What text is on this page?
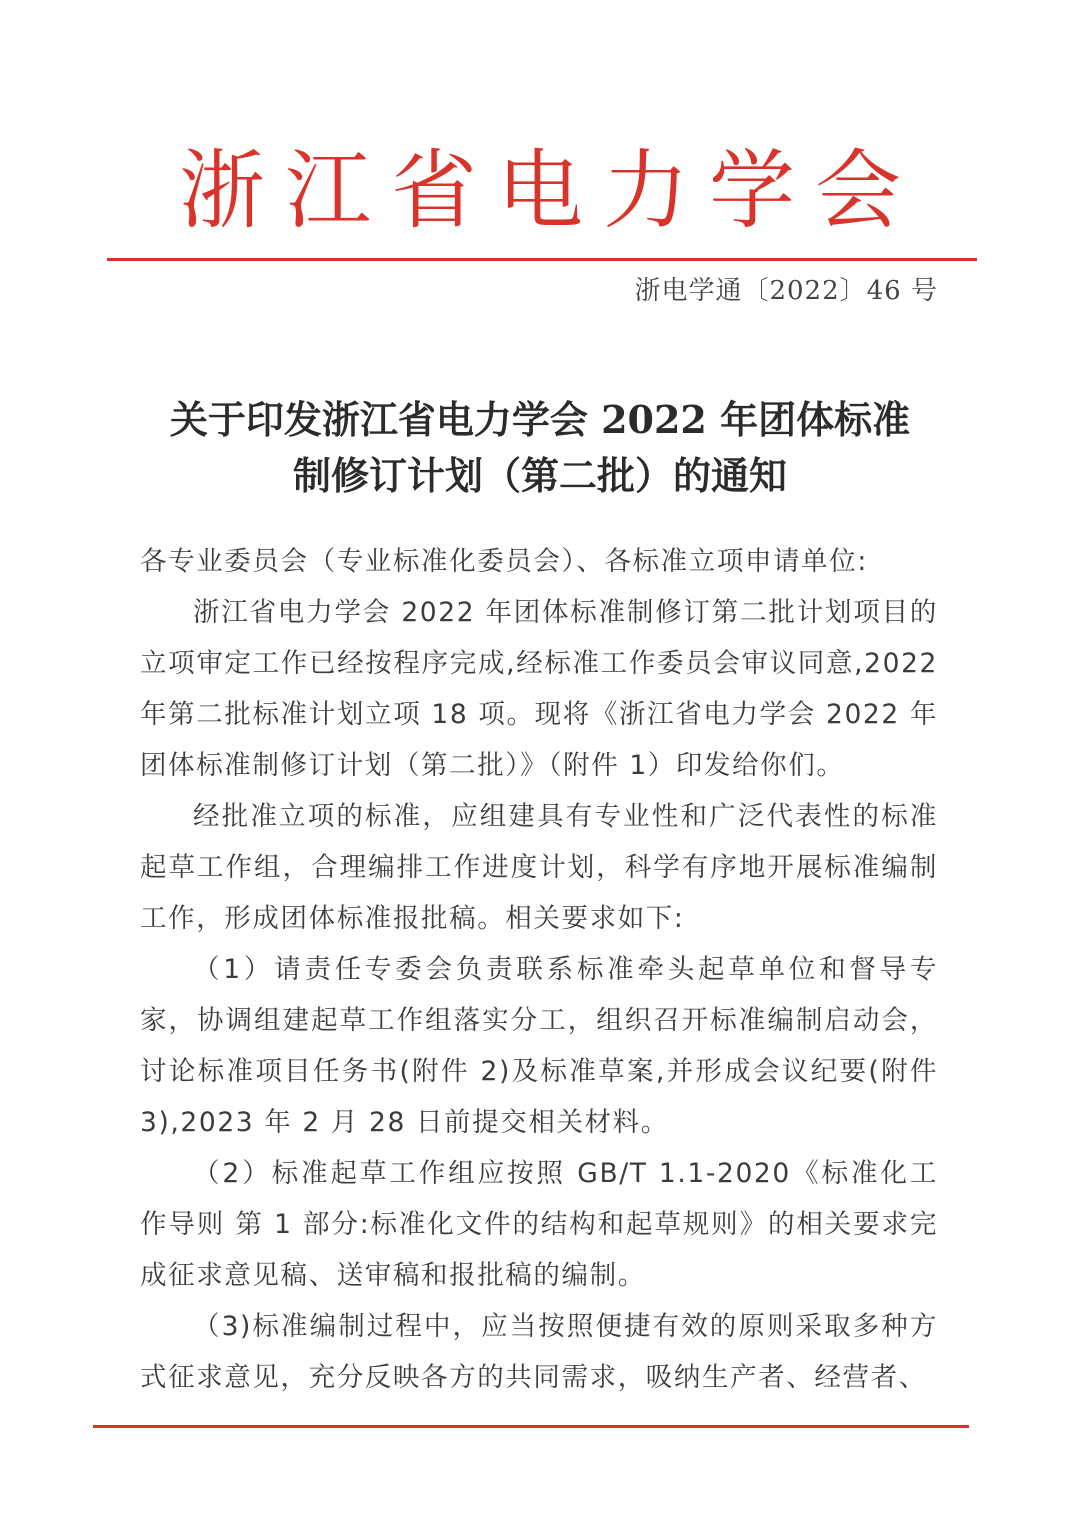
浙江省电力学会
浙电学通〔2022〕46 号
关于印发浙江省电力学会 2022 年团体标准
制修订计划（第二批）的通知

各专业委员会（专业标准化委员会）、各标准立项申请单位:

浙江省电力学会 2022 年团体标准制修订第二批计划项目的立项审定工作已经按程序完成,经标准工作委员会审议同意,2022 年第二批标准计划立项 18 项。现将《浙江省电力学会 2022 年团体标准制修订计划（第二批）》（附件 1）印发给你们。

经批准立项的标准，应组建具有专业性和广泛代表性的标准起草工作组，合理编排工作进度计划，科学有序地开展标准编制工作，形成团体标准报批稿。相关要求如下:

（1）请责任专委会负责联系标准牵头起草单位和督导专家，协调组建起草工作组落实分工，组织召开标准编制启动会，讨论标准项目任务书(附件 2)及标准草案,并形成会议纪要(附件 3),2023 年 2 月 28 日前提交相关材料。

（2）标准起草工作组应按照 GB/T 1.1-2020《标准化工作导则 第 1 部分:标准化文件的结构和起草规则》的相关要求完成征求意见稿、送审稿和报批稿的编制。

（3)标准编制过程中，应当按照便捷有效的原则采取多种方式征求意见，充分反映各方的共同需求，吸纳生产者、经营者、
